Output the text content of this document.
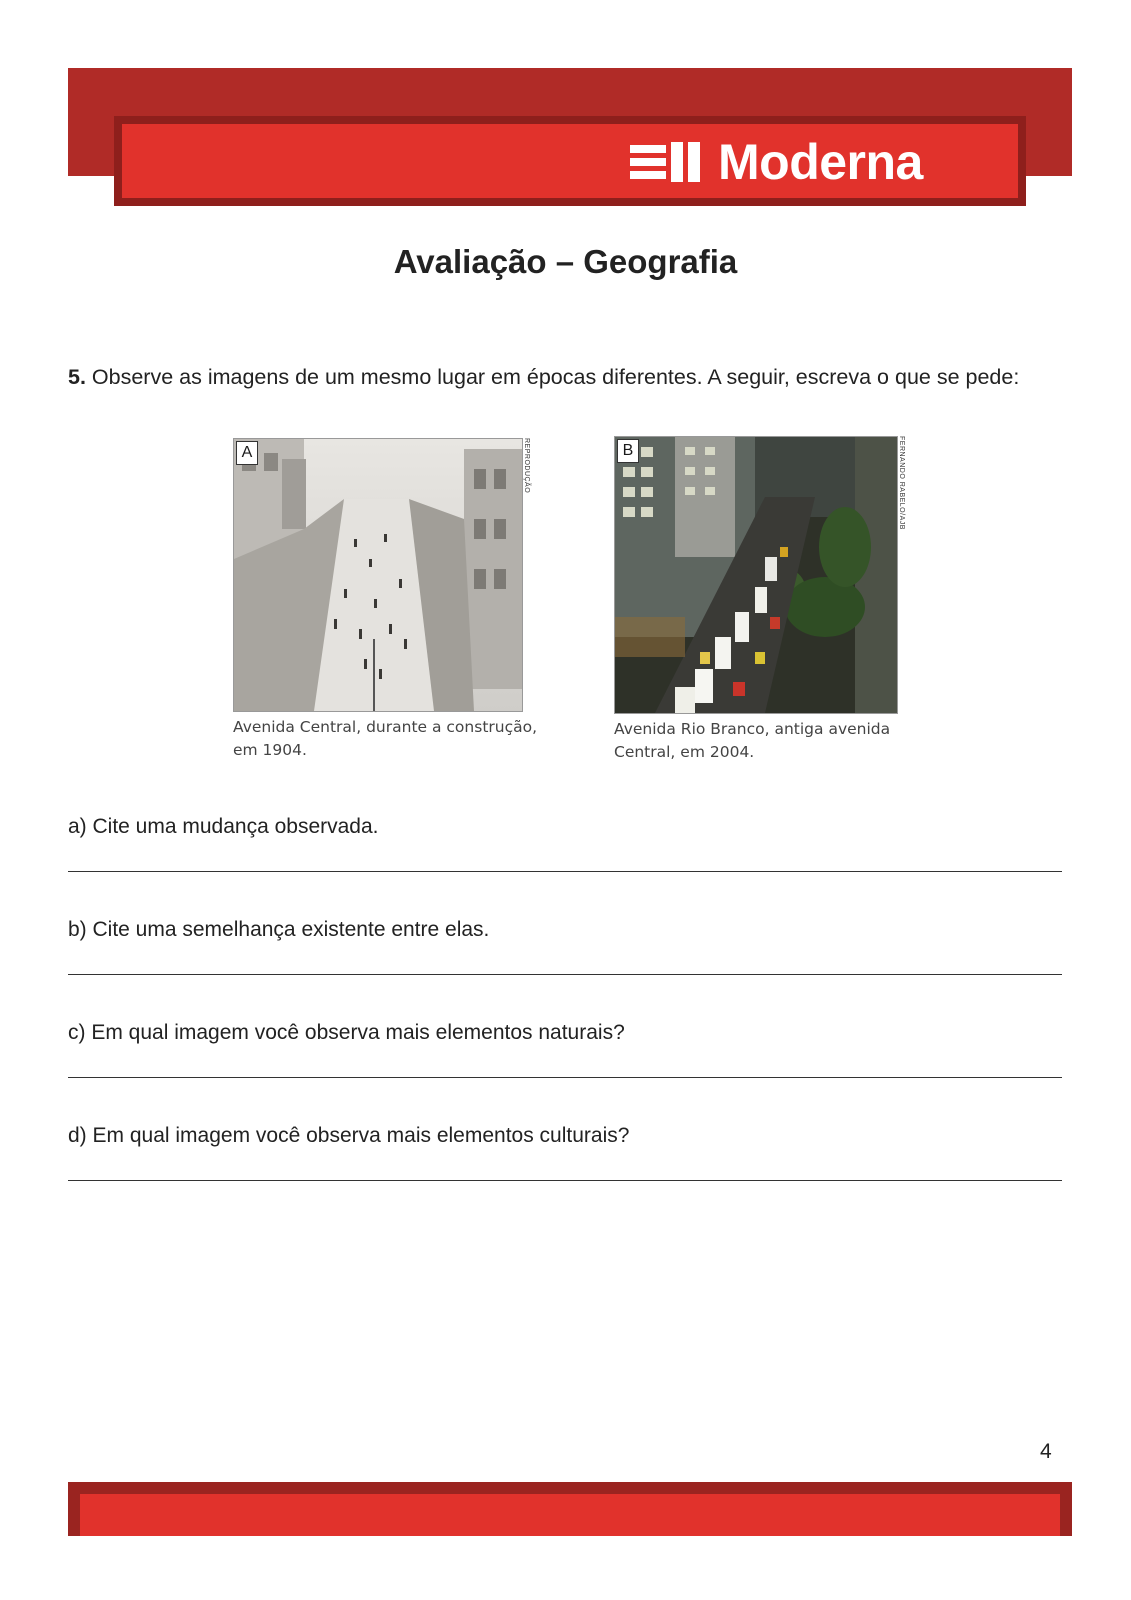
Moderna
Avaliação – Geografia
5. Observe as imagens de um mesmo lugar em épocas diferentes. A seguir, escreva o que se pede:
A	REPRODUÇÃO
Avenida Central, durante a construção,
em 1904.
B	FERNANDO RABELO/AJB
Avenida Rio Branco, antiga avenida
Central, em 2004.
a) Cite uma mudança observada.
b) Cite uma semelhança existente entre elas.
c) Em qual imagem você observa mais elementos naturais?
d) Em qual imagem você observa mais elementos culturais?
4
